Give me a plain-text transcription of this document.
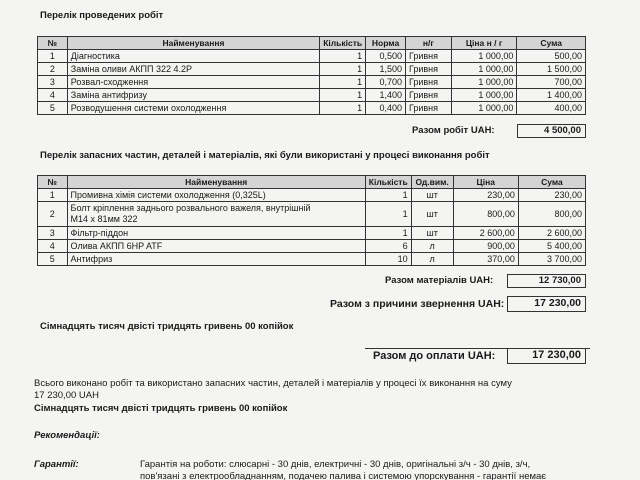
Перелік проведених робіт
№	Найменування	Кількість	Норма	н/г	Ціна н / г	Сума
1	Діагностика	1	0,500	Гривня	1 000,00	500,00
2	Заміна оливи АКПП 322 4.2Р	1	1,500	Гривня	1 000,00	1 500,00
3	Розвал-сходження	1	0,700	Гривня	1 000,00	700,00
4	Заміна антифризу	1	1,400	Гривня	1 000,00	1 400,00
5	Розводушення системи охолодження	1	0,400	Гривня	1 000,00	400,00
Разом робіт UAH:	4 500,00
Перелік запасних частин, деталей і матеріалів, які були використані у процесі виконання робіт
№	Найменування	Кількість	Од.вим.	Ціна	Сума
1	Промивна хімія системи охолодження (0,325L)	1	шт	230,00	230,00
2	Болт кріплення заднього розвального важеля, внутрішній
M14 x 81мм 322	1	шт	800,00	800,00
3	Фільтр-піддон	1	шт	2 600,00	2 600,00
4	Олива АКПП 6HP ATF	6	л	900,00	5 400,00
5	Антифриз	10	л	370,00	3 700,00
Разом матеріалів UAH:	12 730,00
Разом з причини звернення UAH:	17 230,00
Сімнадцять тисяч двісті тридцять гривень 00 копійок
Разом до оплати UAH:	17 230,00
Всього виконано робіт та використано запасних частин, деталей і матеріалів у процесі їх виконання на суму
17 230,00 UAH
Сімнадцять тисяч двісті тридцять гривень 00 копійок
Рекомендації:
Гарантії:	Гарантія на роботи: слюсарні - 30 днів, електричні - 30 днів, оригінальні з/ч - 30 днів, з/ч,
пов'язані з електрообладнанням, подачею палива і системою упорскування - гарантії немає
